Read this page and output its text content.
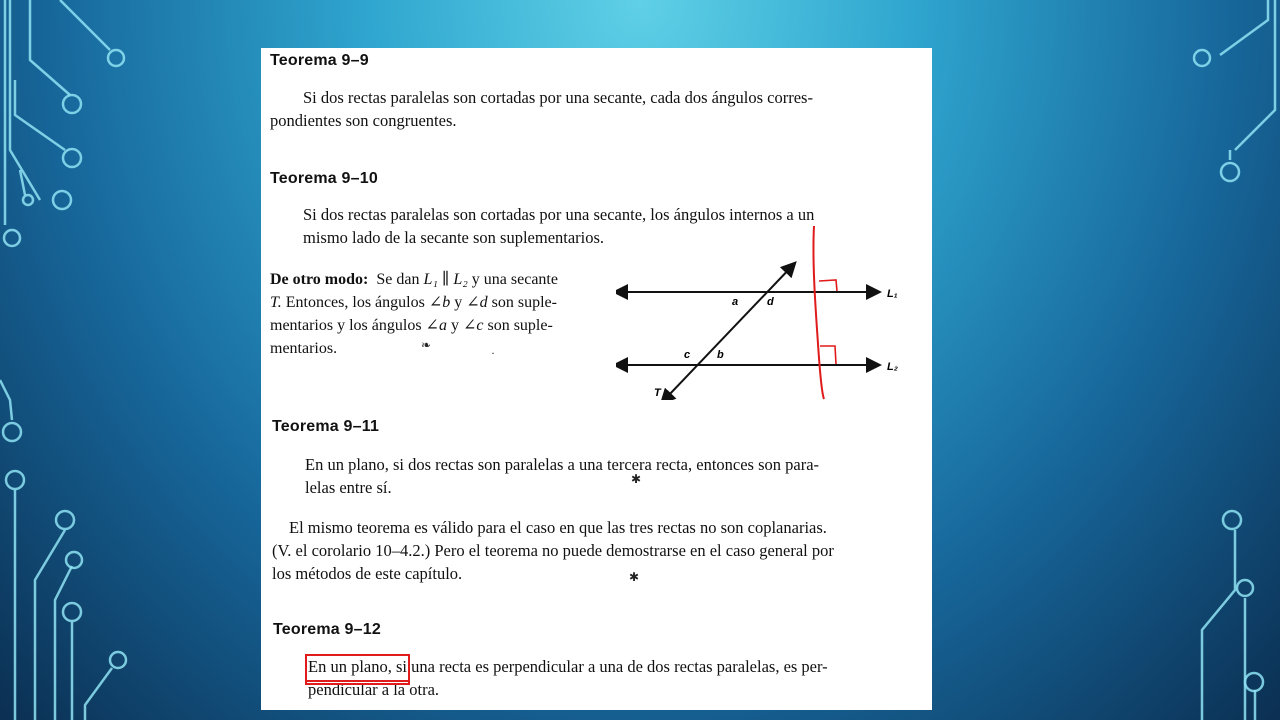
Teorema 9–9

Si dos rectas paralelas son cortadas por una secante, cada dos ángulos corres-

pondientes son congruentes.

Teorema 9–10

Si dos rectas paralelas son cortadas por una secante, los ángulos internos a un

mismo lado de la secante son suplementarios.

De otro modo: Se dan L₁ ∥ L₂ y una secante

T. Entonces, los ángulos ∠b y ∠d son suple-

mentarios y los ángulos ∠a y ∠c son suple-

mentarios.	❧
·
a	d
c b
T
L₁
L₂
Teorema 9–11

En un plano, si dos rectas son paralelas a una tercera recta, entonces son para-

lelas entre sí.	✱

El mismo teorema es válido para el caso en que las tres rectas no son coplanarias.

(V. el corolario 10–4.2.) Pero el teorema no puede demostrarse en el caso general por

los métodos de este capítulo.	✱
Teorema 9–12

En un plano, si una recta es perpendicular a una de dos rectas paralelas, es per-

pendicular a la otra.
